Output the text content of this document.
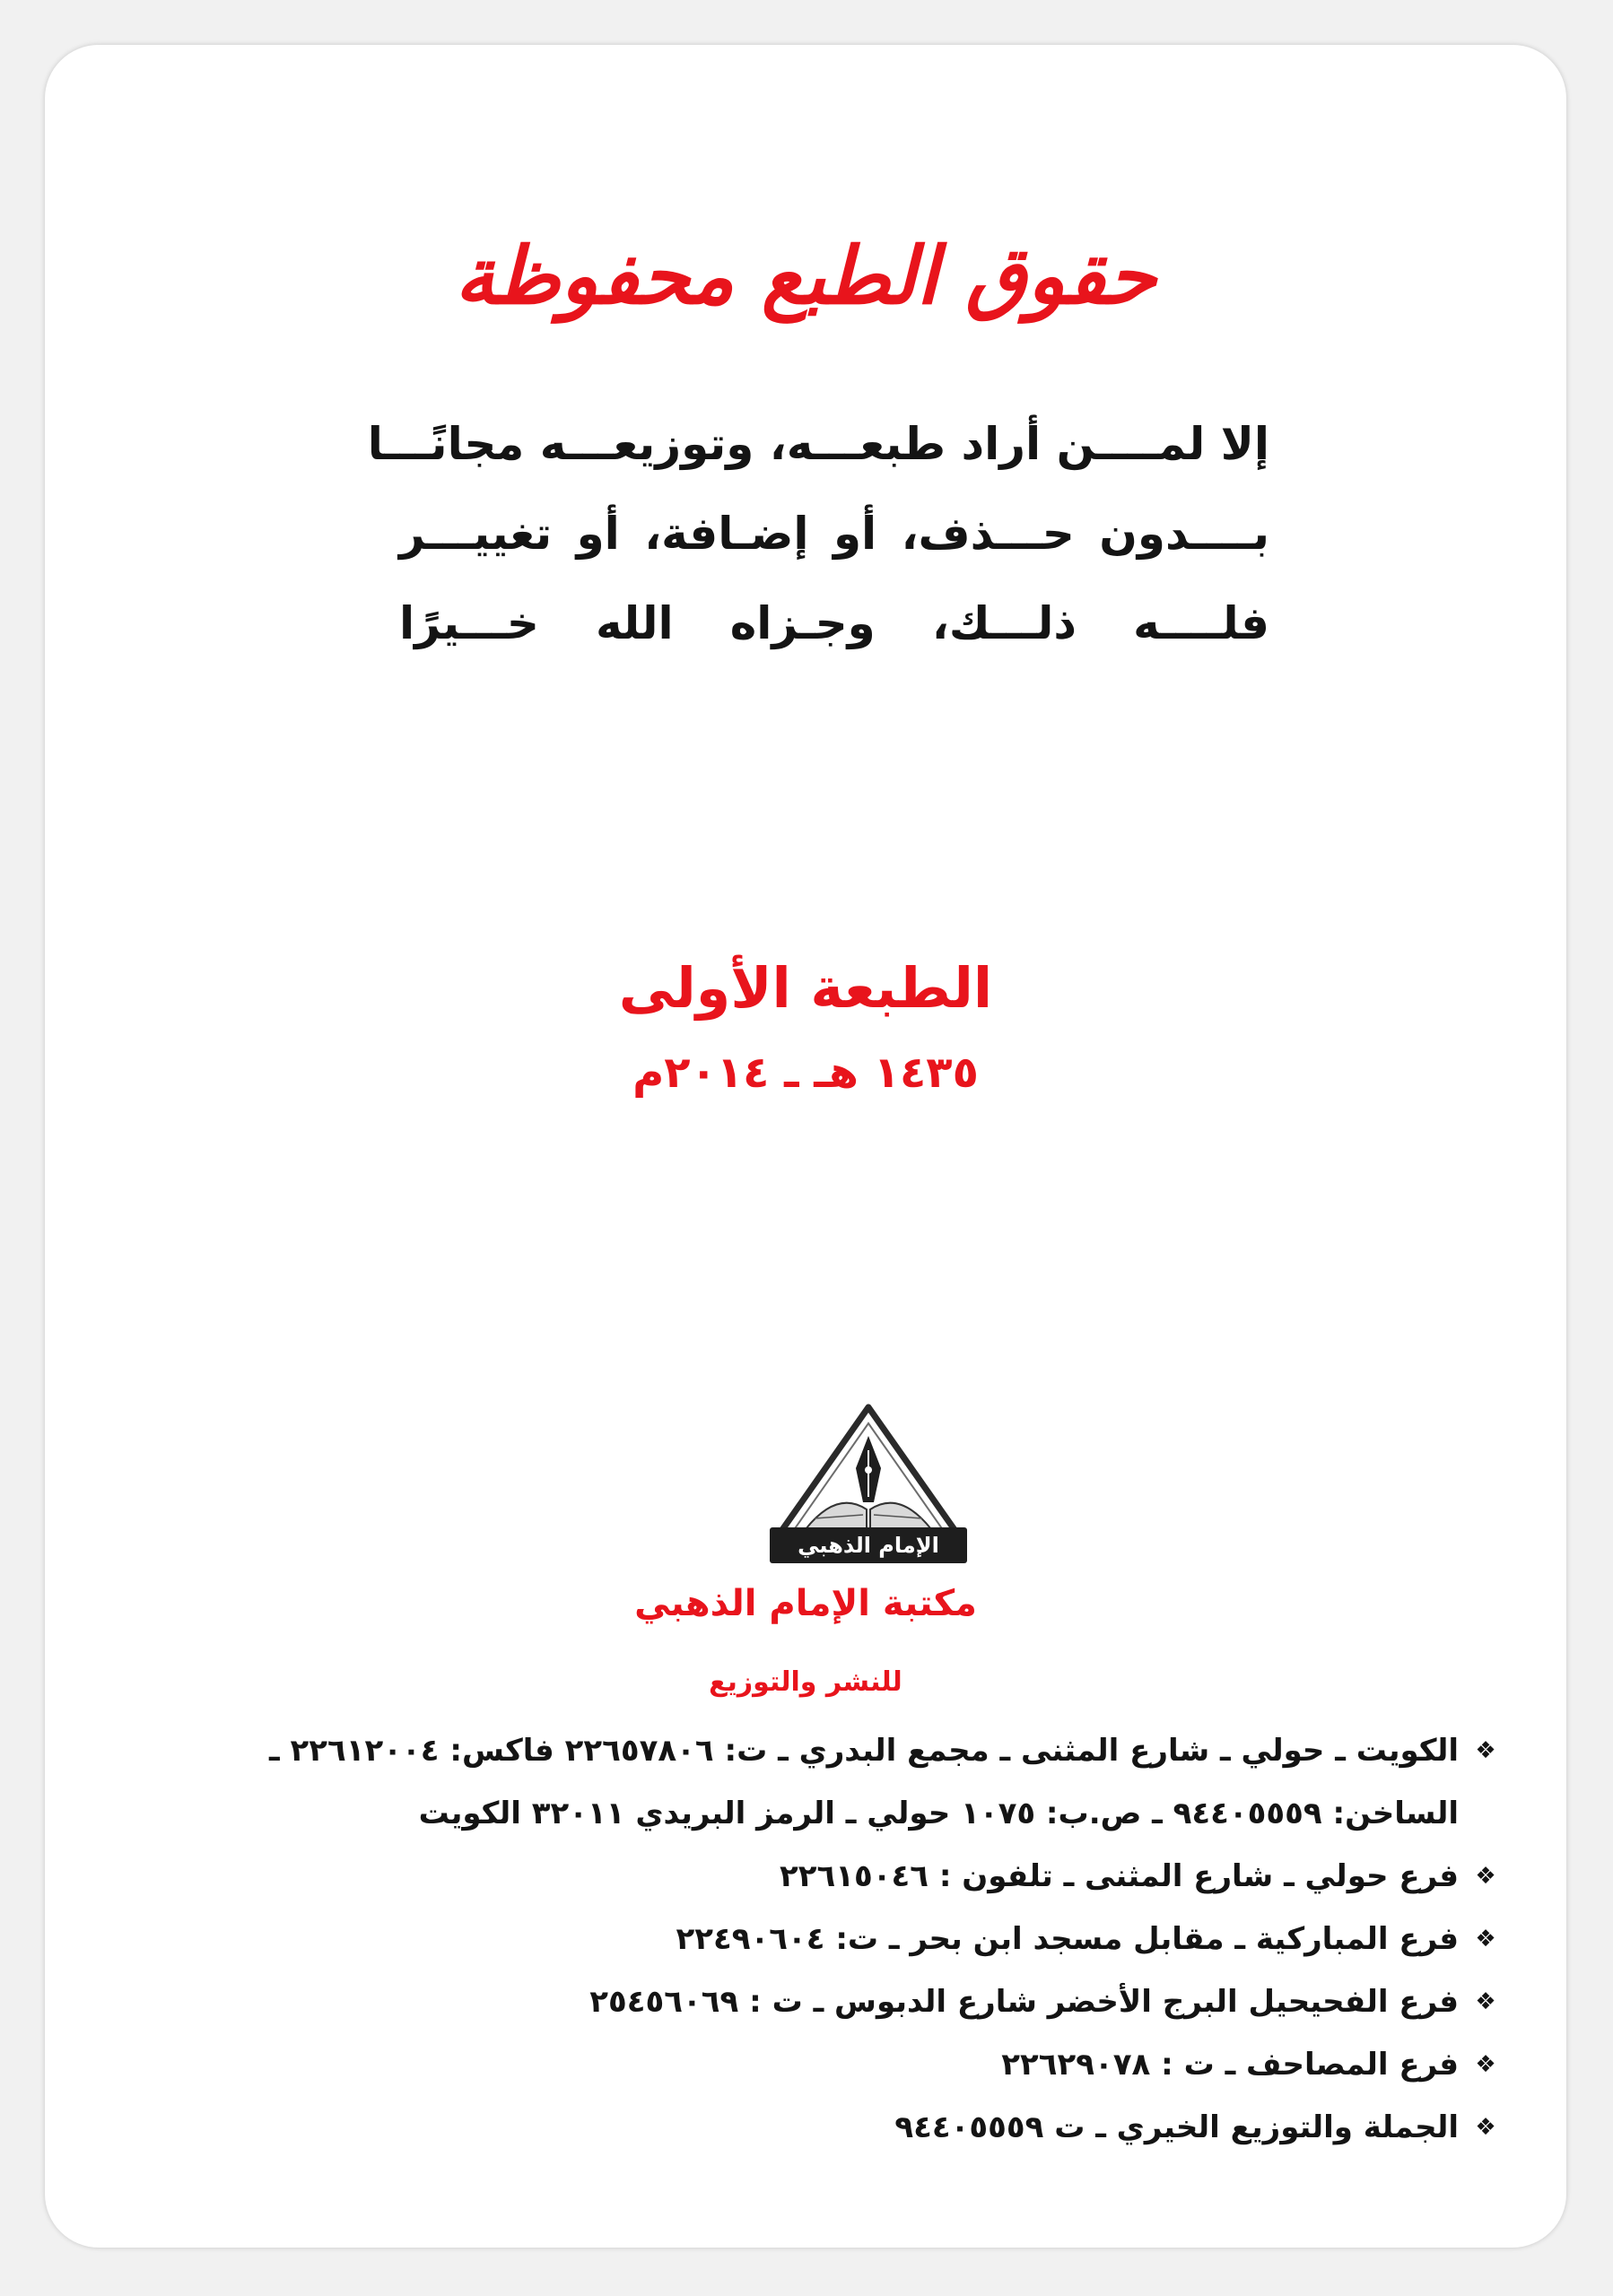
حقوق الطبع محفوظة
إلا لمــــن أراد طبعـــه، وتوزيعـــه مجانًـــا
بــــدون حـــذف، أو إضـافة، أو تغييـــر
فلــــه ذلـــك، وجـزاه الله خـــيرًا
الطبعة الأولى
١٤٣٥ هـ ـ ٢٠١٤م
الإمام الذهبي
مكتبة الإمام الذهبي
للنشر والتوزيع
❖
الكويت ـ حولي ـ شارع المثنى ـ مجمع البدري ـ ت: ٢٢٦٥٧٨٠٦ فاكس: ٢٢٦١٢٠٠٤ ـ
الساخن: ٩٤٤٠٥٥٥٩ ـ ص.ب: ١٠٧٥ حولي ـ الرمز البريدي ٣٢٠١١ الكويت
❖
فرع حولي ـ شارع المثنى ـ تلفون : ٢٢٦١٥٠٤٦
❖
فرع المباركية ـ مقابل مسجد ابن بحر ـ ت: ٢٢٤٩٠٦٠٤
❖
فرع الفحيحيل البرج الأخضر شارع الدبوس ـ ت : ٢٥٤٥٦٠٦٩
❖
فرع المصاحف ـ ت : ٢٢٦٢٩٠٧٨
❖
الجملة والتوزيع الخيري ـ ت ٩٤٤٠٥٥٥٩
